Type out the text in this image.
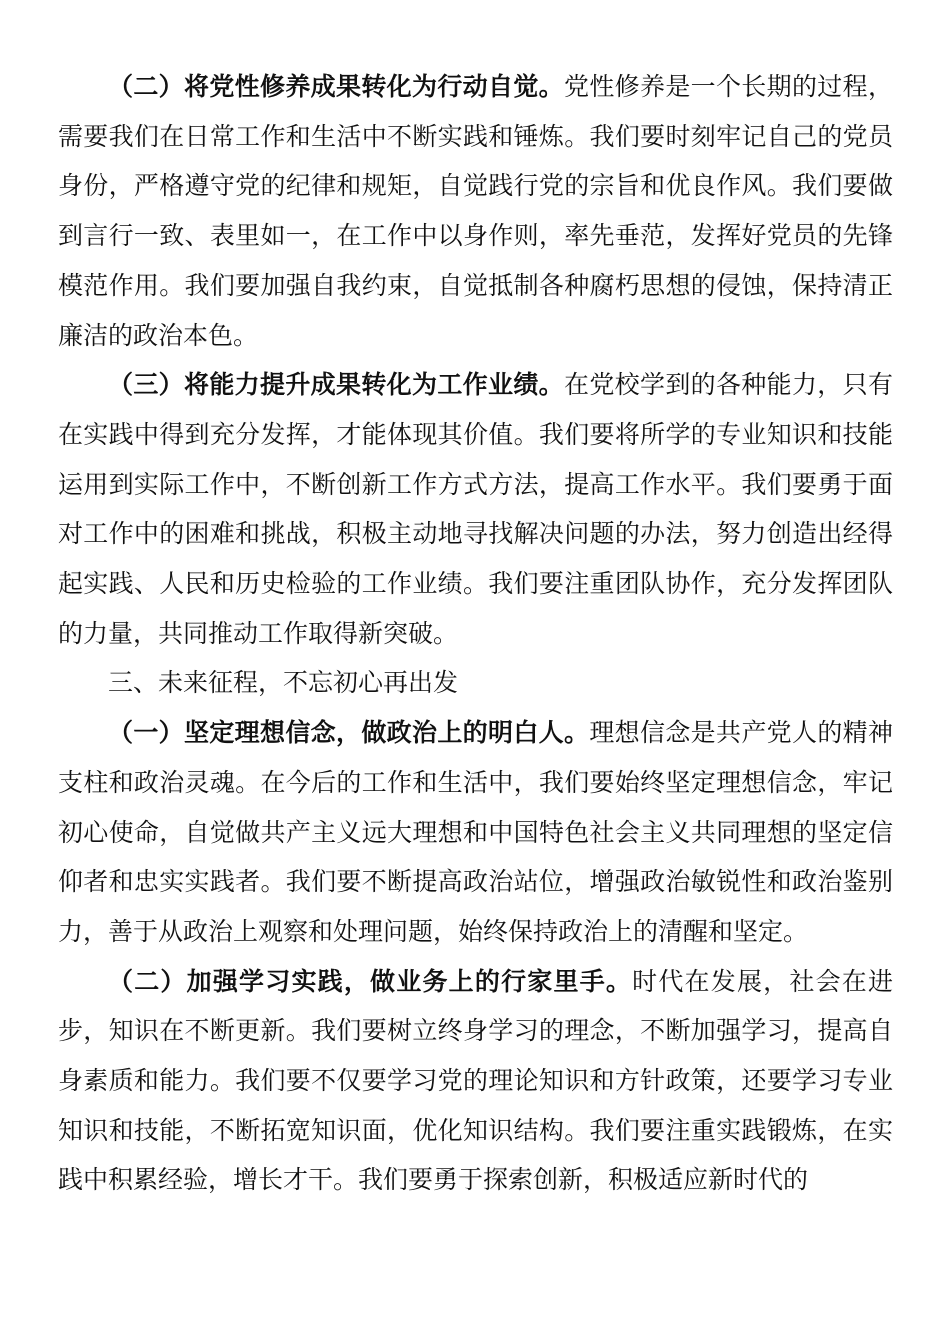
（二）将党性修养成果转化为行动自觉。党性修养是一个长期的过程，需要我们在日常工作和生活中不断实践和锤炼。我们要时刻牢记自己的党员身份，严格遵守党的纪律和规矩，自觉践行党的宗旨和优良作风。我们要做到言行一致、表里如一，在工作中以身作则，率先垂范，发挥好党员的先锋模范作用。我们要加强自我约束，自觉抵制各种腐朽思想的侵蚀，保持清正廉洁的政治本色。

（三）将能力提升成果转化为工作业绩。在党校学到的各种能力，只有在实践中得到充分发挥，才能体现其价值。我们要将所学的专业知识和技能运用到实际工作中，不断创新工作方式方法，提高工作水平。我们要勇于面对工作中的困难和挑战，积极主动地寻找解决问题的办法，努力创造出经得起实践、人民和历史检验的工作业绩。我们要注重团队协作，充分发挥团队的力量，共同推动工作取得新突破。

三、未来征程，不忘初心再出发

（一）坚定理想信念，做政治上的明白人。理想信念是共产党人的精神支柱和政治灵魂。在今后的工作和生活中，我们要始终坚定理想信念，牢记初心使命，自觉做共产主义远大理想和中国特色社会主义共同理想的坚定信仰者和忠实实践者。我们要不断提高政治站位，增强政治敏锐性和政治鉴别力，善于从政治上观察和处理问题，始终保持政治上的清醒和坚定。

（二）加强学习实践，做业务上的行家里手。时代在发展，社会在进步，知识在不断更新。我们要树立终身学习的理念，不断加强学习，提高自身素质和能力。我们要不仅要学习党的理论知识和方针政策，还要学习专业知识和技能，不断拓宽知识面，优化知识结构。我们要注重实践锻炼，在实践中积累经验，增长才干。我们要勇于探索创新，积极适应新时代的
